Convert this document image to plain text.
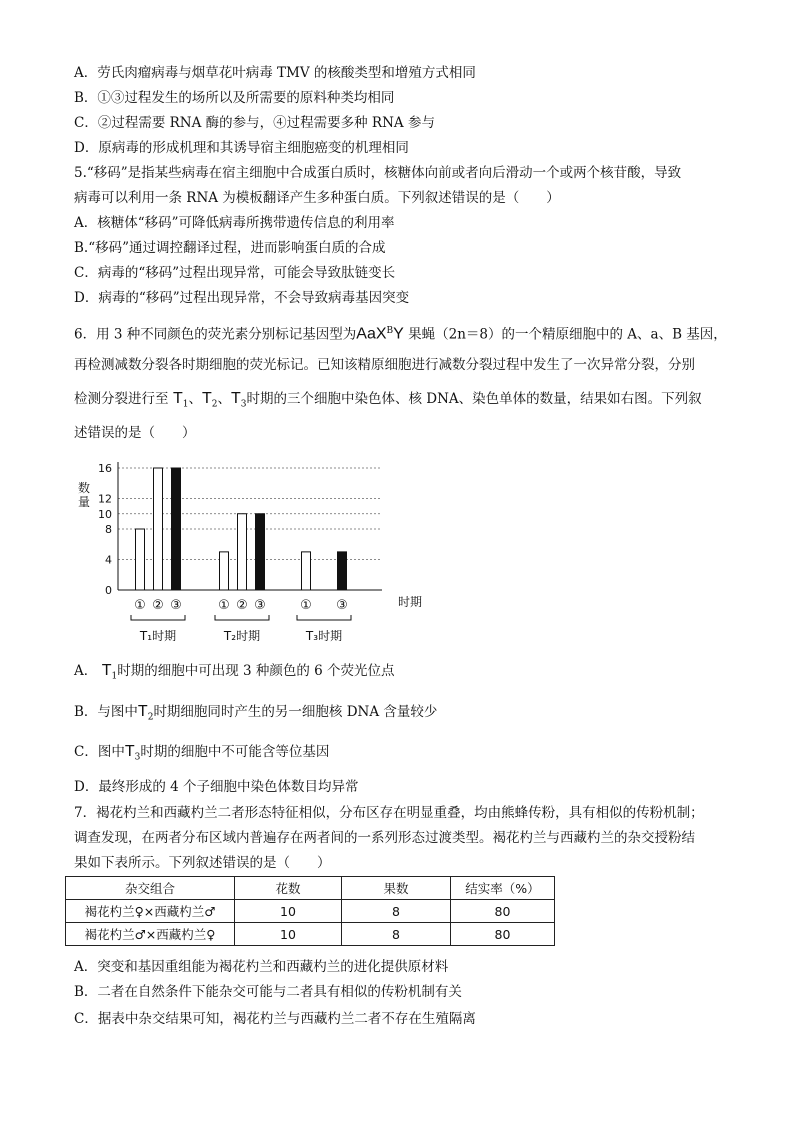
A．劳氏肉瘤病毒与烟草花叶病毒 TMV 的核酸类型和增殖方式相同
B．①③过程发生的场所以及所需要的原料种类均相同
C．②过程需要 RNA 酶的参与，④过程需要多种 RNA 参与
D．原病毒的形成机理和其诱导宿主细胞癌变的机理相同
5.“移码”是指某些病毒在宿主细胞中合成蛋白质时，核糖体向前或者向后滑动一个或两个核苷酸，导致
病毒可以利用一条 RNA 为模板翻译产生多种蛋白质。下列叙述错误的是（　　）
A．核糖体“移码”可降低病毒所携带遗传信息的利用率
B.“移码”通过调控翻译过程，进而影响蛋白质的合成
C．病毒的“移码”过程出现异常，可能会导致肽链变长
D．病毒的“移码”过程出现异常，不会导致病毒基因突变
6．用 3 种不同颜色的荧光素分别标记基因型为AaX$^B$Y 果蝇（2n＝8）的一个精原细胞中的 A、a、B 基因，
再检测减数分裂各时期细胞的荧光标记。已知该精原细胞进行减数分裂过程中发生了一次异常分裂，分别
检测分裂进行至 $T_1$、$T_2$、$T_3$时期的三个细胞中染色体、核 DNA、染色单体的数量，结果如右图。下列叙
述错误的是（　　）
0
4
8
10
12
16
① ② ③	① ② ③	① ③
T₁时期	T₂时期	T₃时期
数量
时期
A． $T_1$时期的细胞中可出现 3 种颜色的 6 个荧光位点
B．与图中$T_2$时期细胞同时产生的另一细胞核 DNA 含量较少
C．图中$T_3$时期的细胞中不可能含等位基因
D．最终形成的 4 个子细胞中染色体数目均异常
7．褐花杓兰和西藏杓兰二者形态特征相似，分布区存在明显重叠，均由熊蜂传粉，具有相似的传粉机制；
调查发现，在两者分布区域内普遍存在两者间的一系列形态过渡类型。褐花杓兰与西藏杓兰的杂交授粉结
果如下表所示。下列叙述错误的是（　　）
杂交组合	花数	果数	结实率（%）
褐花杓兰♀×西藏杓兰♂	10	8	80
褐花杓兰♂×西藏杓兰♀	10	8	80
A．突变和基因重组能为褐花杓兰和西藏杓兰的进化提供原材料
B．二者在自然条件下能杂交可能与二者具有相似的传粉机制有关
C．据表中杂交结果可知，褐花杓兰与西藏杓兰二者不存在生殖隔离
